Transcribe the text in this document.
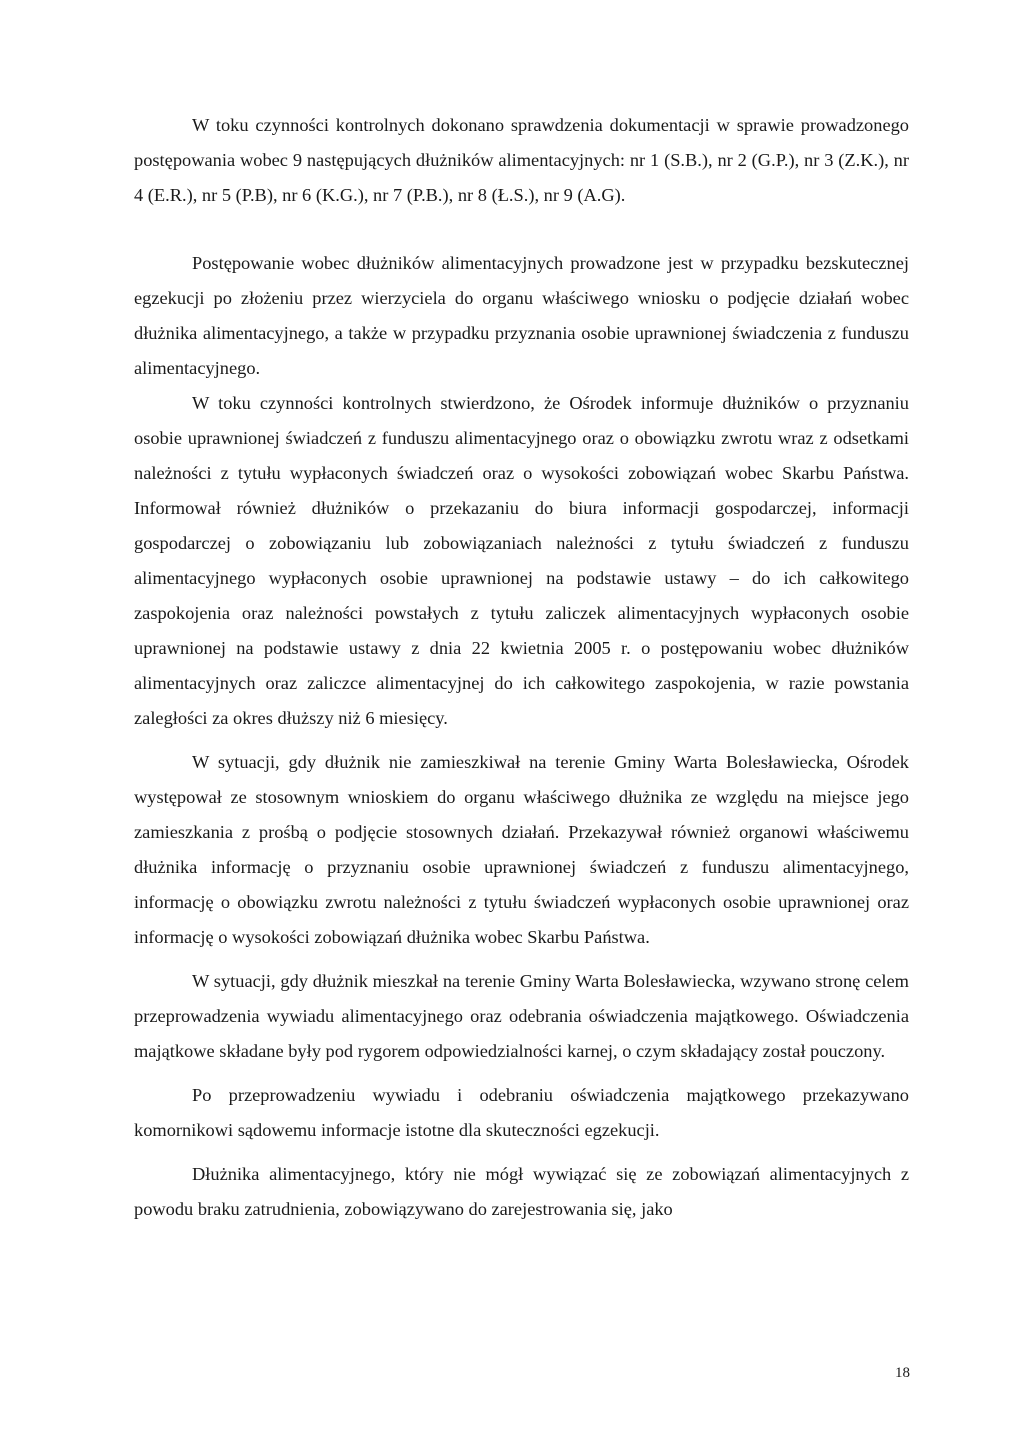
W toku czynności kontrolnych dokonano sprawdzenia dokumentacji w sprawie prowadzonego postępowania wobec 9 następujących dłużników alimentacyjnych: nr 1 (S.B.), nr 2 (G.P.), nr 3 (Z.K.), nr 4 (E.R.), nr 5 (P.B), nr 6 (K.G.), nr 7 (P.B.), nr 8 (Ł.S.), nr 9 (A.G).

Postępowanie wobec dłużników alimentacyjnych prowadzone jest w przypadku bezskutecznej egzekucji po złożeniu przez wierzyciela do organu właściwego wniosku o podjęcie działań wobec dłużnika alimentacyjnego, a także w przypadku przyznania osobie uprawnionej świadczenia z funduszu alimentacyjnego.

W toku czynności kontrolnych stwierdzono, że Ośrodek informuje dłużników o przyznaniu osobie uprawnionej świadczeń z funduszu alimentacyjnego oraz o obowiązku zwrotu wraz z odsetkami należności z tytułu wypłaconych świadczeń oraz o wysokości zobowiązań wobec Skarbu Państwa. Informował również dłużników o przekazaniu do biura informacji gospodarczej, informacji gospodarczej o zobowiązaniu lub zobowiązaniach należności z tytułu świadczeń z funduszu alimentacyjnego wypłaconych osobie uprawnionej na podstawie ustawy – do ich całkowitego zaspokojenia oraz należności powstałych z tytułu zaliczek alimentacyjnych wypłaconych osobie uprawnionej na podstawie ustawy z dnia 22 kwietnia 2005 r. o postępowaniu wobec dłużników alimentacyjnych oraz zaliczce alimentacyjnej do ich całkowitego zaspokojenia, w razie powstania zaległości za okres dłuższy niż 6 miesięcy.

W sytuacji, gdy dłużnik nie zamieszkiwał na terenie Gminy Warta Bolesławiecka, Ośrodek występował ze stosownym wnioskiem do organu właściwego dłużnika ze względu na miejsce jego zamieszkania z prośbą o podjęcie stosownych działań. Przekazywał również organowi właściwemu dłużnika informację o przyznaniu osobie uprawnionej świadczeń z funduszu alimentacyjnego, informację o obowiązku zwrotu należności z tytułu świadczeń wypłaconych osobie uprawnionej oraz informację o wysokości zobowiązań dłużnika wobec Skarbu Państwa.

W sytuacji, gdy dłużnik mieszkał na terenie Gminy Warta Bolesławiecka, wzywano stronę celem przeprowadzenia wywiadu alimentacyjnego oraz odebrania oświadczenia majątkowego. Oświadczenia majątkowe składane były pod rygorem odpowiedzialności karnej, o czym składający został pouczony.

Po przeprowadzeniu wywiadu i odebraniu oświadczenia majątkowego przekazywano komornikowi sądowemu informacje istotne dla skuteczności egzekucji.

Dłużnika alimentacyjnego, który nie mógł wywiązać się ze zobowiązań alimentacyjnych z powodu braku zatrudnienia, zobowiązywano do zarejestrowania się, jako

18
